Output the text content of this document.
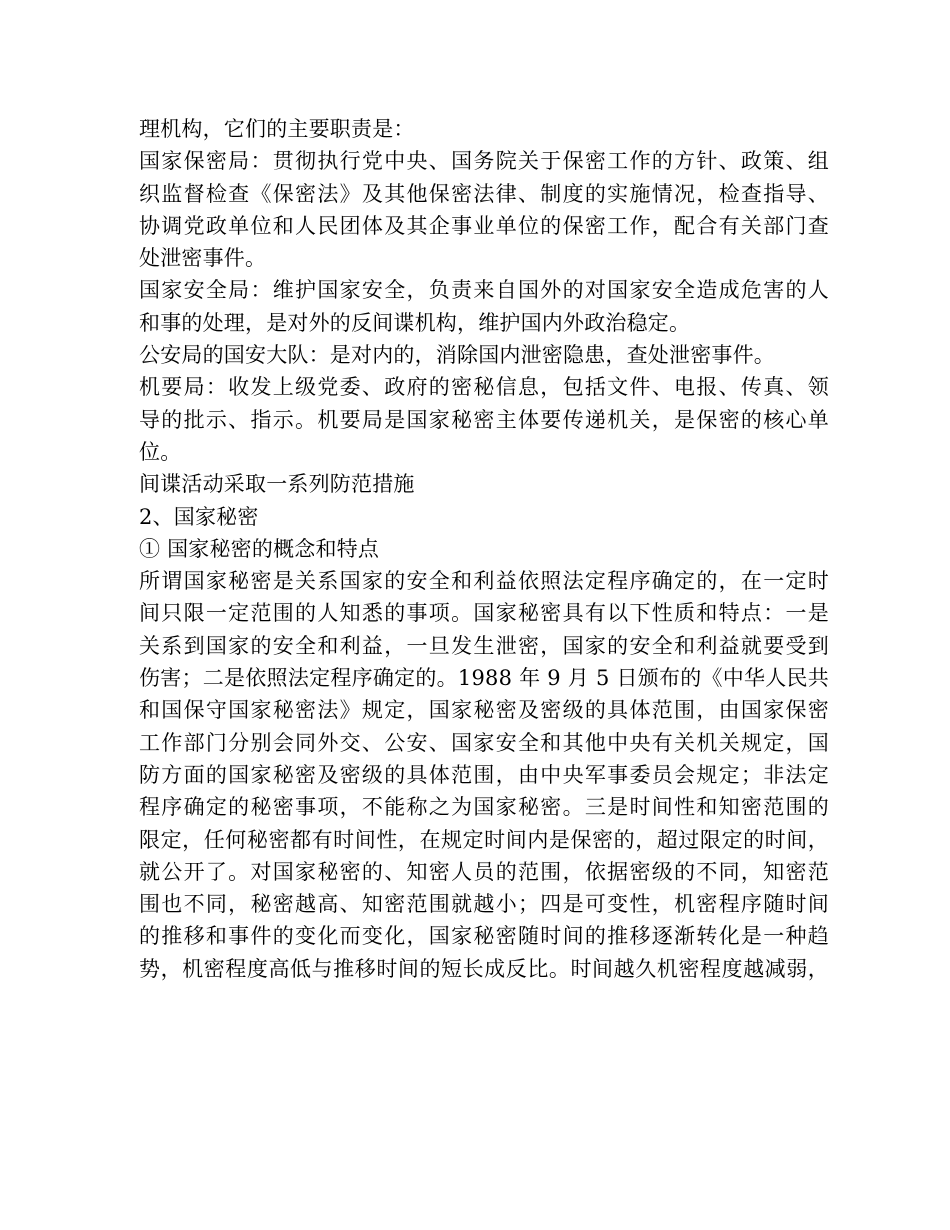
理机构，它们的主要职责是：
国家保密局：贯彻执行党中央、国务院关于保密工作的方针、政策、组
织监督检查《保密法》及其他保密法律、制度的实施情况，检查指导、
协调党政单位和人民团体及其企事业单位的保密工作，配合有关部门查
处泄密事件。
国家安全局：维护国家安全，负责来自国外的对国家安全造成危害的人
和事的处理，是对外的反间谍机构，维护国内外政治稳定。
公安局的国安大队：是对内的，消除国内泄密隐患，查处泄密事件。
机要局：收发上级党委、政府的密秘信息，包括文件、电报、传真、领
导的批示、指示。机要局是国家秘密主体要传递机关，是保密的核心单
位。
间谍活动采取一系列防范措施
2、国家秘密
① 国家秘密的概念和特点
所谓国家秘密是关系国家的安全和利益依照法定程序确定的，在一定时
间只限一定范围的人知悉的事项。国家秘密具有以下性质和特点：一是
关系到国家的安全和利益，一旦发生泄密，国家的安全和利益就要受到
伤害；二是依照法定程序确定的。1988 年 9 月 5 日颁布的《中华人民共
和国保守国家秘密法》规定，国家秘密及密级的具体范围，由国家保密
工作部门分别会同外交、公安、国家安全和其他中央有关机关规定，国
防方面的国家秘密及密级的具体范围，由中央军事委员会规定；非法定
程序确定的秘密事项，不能称之为国家秘密。三是时间性和知密范围的
限定，任何秘密都有时间性，在规定时间内是保密的，超过限定的时间，
就公开了。对国家秘密的、知密人员的范围，依据密级的不同，知密范
围也不同，秘密越高、知密范围就越小；四是可变性，机密程序随时间
的推移和事件的变化而变化，国家秘密随时间的推移逐渐转化是一种趋
势，机密程度高低与推移时间的短长成反比。时间越久机密程度越减弱，
